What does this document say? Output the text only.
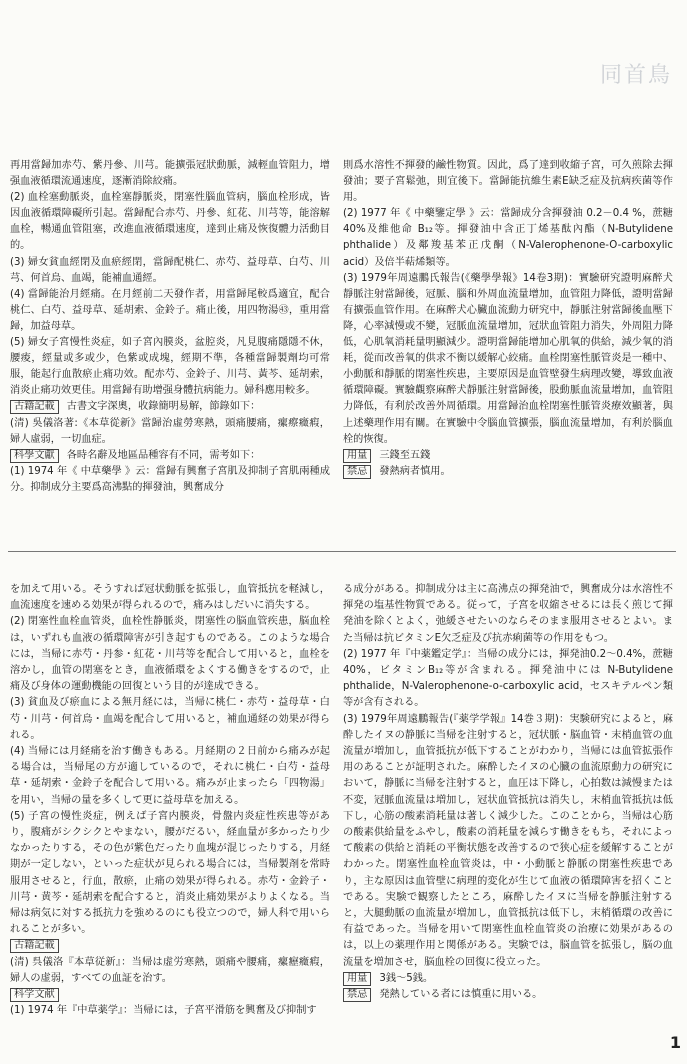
同首鳥

再用當歸加赤芍、紫丹參、川芎。能擴張冠狀動脈，減輕血管阻力，增强血液循環流通速度，逐漸消除絞痛。

(2) 血栓塞動脈炎，血栓塞靜脈炎，閉塞性腦血管病，腦血栓形成，皆因血液循環障礙所引起。當歸配合赤芍、丹參、紅花、川芎等，能溶解血栓，暢通血管阻塞，改進血液循環速度，達到止痛及恢復體力活動目的。

(3) 婦女貧血經閉及血瘀經閉，當歸配桃仁、赤芍、益母草、白芍、川芎、何首烏、血竭，能補血通經。

(4) 當歸能治月經痛。在月經前二天發作者，用當歸尾較爲適宜，配合桃仁、白芍、益母草、延胡索、金鈴子。痛止後，用四物湯㊸，重用當歸，加益母草。

(5) 婦女子宮慢性炎症，如子宮內膜炎，盆腔炎，凡見腹痛隱隱不休，腰痠，經量或多或少，色紫或成塊，經期不準，各種當歸製劑均可常服，能起行血散瘀止痛功效。配赤芍、金鈴子、川芎、黃芩、延胡索，消炎止痛功效更佳。用當歸有助增强身體抗病能力。婦科應用較多。

古籍記載 古書文字深奧，收錄簡明易解，節錄如下：

(清) 吳儀洛著:《本草從新》當歸治虛勞寒熱，頭痛腰痛，瘰瘵癥瘕，婦人虛弱，一切血症。

科學文獻 各時名辭及地區品種容有不同，需考如下：

(1) 1974 年《 中草藥學 》云：當歸有興奮子宮肌及抑制子宮肌兩種成分。抑制成分主要爲高沸點的揮發油，興奮成分

則爲水溶性不揮發的鹼性物質。因此，爲了達到收縮子宮，可久煎除去揮發油；要子宮鬆弛，則宜後下。當歸能抗維生素E缺乏症及抗病疾菌等作用。

(2) 1977 年《 中藥鑒定學 》云：當歸成分含揮發油 0.2－0.4 %，蔗糖40%及維他命 B₁₂等。揮發油中含正丁烯基酞內酯（N-Butylidene phthalide）及鄰羧基苯正戊酮（N-Valerophenone-O-carboxylic acid）及倍半萜烯類等。

(3) 1979年周遠鵬氏報告(《藥學學報》14卷3期)：實驗研究證明麻醉犬靜脈注射當歸後，冠脈、腦和外周血流量增加，血管阻力降低，證明當歸有擴張血管作用。在麻醉犬心臟血流動力研究中，靜脈注射當歸後血壓下降，心率減慢或不變，冠脈血流量增加，冠狀血管阻力消失，外周阻力降低，心肌氧消耗量明顯減少。證明當歸能增加心肌氧的供給，減少氧的消耗，從而改善氧的供求不衡以緩解心絞痛。血栓閉塞性脈管炎是一種中、小動脈和靜脈的閉塞性疾患，主要原因是血管壁發生病理改變，導致血液循環障礙。實驗觀察麻醉犬靜脈注射當歸後，股動脈血流量增加，血管阻力降低，有利於改善外周循環。用當歸治血栓閉塞性脈管炎療效顯著，與上述藥理作用有關。在實驗中令腦血管擴張，腦血流量增加，有利於腦血栓的恢復。

用量 三錢至五錢

禁忌 發熱病者慎用。

を加えて用いる。そうすれば冠状動脈を拡張し，血管抵抗を軽減し，血流速度を速める効果が得られるので，痛みはしだいに消失する。

(2) 閉塞性血栓血管炎，血栓性静脈炎，閉塞性の脳血管疾患，脳血栓は，いずれも血液の循環障害が引き起すものである。このような場合には，当帰に赤芍・丹参・紅花・川芎等を配合して用いると，血栓を溶かし，血管の閉塞をとき，血液循環をよくする働きをするので，止痛及び身体の運動機能の回復という目的が達成できる。

(3) 貧血及び瘀血による無月経には，当帰に桃仁・赤芍・益母草・白芍・川芎・何首烏・血竭を配合して用いると，補血通経の効果が得られる。

(4) 当帰には月経痛を治す働きもある。月経期の２日前から痛みが起る場合は，当帰尾の方が適しているので，それに桃仁・白芍・益母草・延胡索・金鈴子を配合して用いる。痛みが止まったら「四物湯」を用い，当帰の量を多くして更に益母草を加える。

(5) 子宮の慢性炎症，例えば子宮内膜炎，骨盤内炎症性疾患等があり，腹痛がシクシクとやまない，腰がだるい，経血量が多かったり少なかったりする，その色が紫色だったり血塊が混じったりする，月経期が一定しない，といった症状が見られる場合には，当帰製剤を常時服用させると，行血，散瘀，止痛の効果が得られる。赤芍・金鈴子・川芎・黄芩・延胡索を配合すると，消炎止痛効果がよりよくなる。当帰は病気に対する抵抗力を強めるのにも役立つので，婦人科で用いられることが多い。

古籍記載

(清) 呉儀洛『本草従新』：当帰は虚労寒熱，頭痛や腰痛，瘰癧癥瘕，婦人の虚弱，すべての血証を治す。

科学文献

(1) 1974 年『中草薬学』：当帰には，子宮平滑筋を興奮及び抑制す

る成分がある。抑制成分は主に高沸点の揮発油で，興奮成分は水溶性不揮発の塩基性物質である。従って，子宮を収縮させるには長く煎じて揮発油を除くとよく，弛緩させたいのならそのまま服用させるとよい。また当帰は抗ビタミンE欠乏症及び抗赤痢菌等の作用をもつ。

(2) 1977 年『中薬鑑定学』：当帰の成分には，揮発油0.2～0.4%，蔗糖40%，ビタミンB₁₂等が含まれる。揮発油中には N-Butylidene phthalide，N-Valerophenone-o-carboxylic acid，セスキテルペン類等が含有される。

(3) 1979年周遠鵬報告(『薬学学報』14巻３期)：実験研究によると，麻酔したイヌの静脈に当帰を注射すると，冠状脈・脳血管・末梢血管の血流量が増加し，血管抵抗が低下することがわかり，当帰には血管拡張作用のあることが証明された。麻酔したイヌの心臓の血流原動力の研究において，静脈に当帰を注射すると，血圧は下降し，心拍数は減慢または不変，冠脈血流量は増加し，冠状血管抵抗は消失し，末梢血管抵抗は低下し，心筋の酸素消耗量は著しく減少した。このことから，当帰は心筋の酸素供給量をふやし，酸素の消耗量を減らす働きをもち，それによって酸素の供給と消耗の平衡状態を改善するので狭心症を緩解することがわかった。閉塞性血栓血管炎は，中・小動脈と静脈の閉塞性疾患であり，主な原因は血管壁に病理的変化が生じて血液の循環障害を招くことである。実験で観察したところ，麻酔したイヌに当帰を静脈注射すると，大腿動脈の血流量が増加し，血管抵抗は低下し，末梢循環の改善に有益であった。当帰を用いて閉塞性血栓血管炎の治療に効果があるのは，以上の薬理作用と関係がある。実験では，脳血管を拡張し，脳の血流量を増加させ，脳血栓の回復に役立った。

用量 3銭～5銭。

禁忌 発熱している者には慎重に用いる。

1
